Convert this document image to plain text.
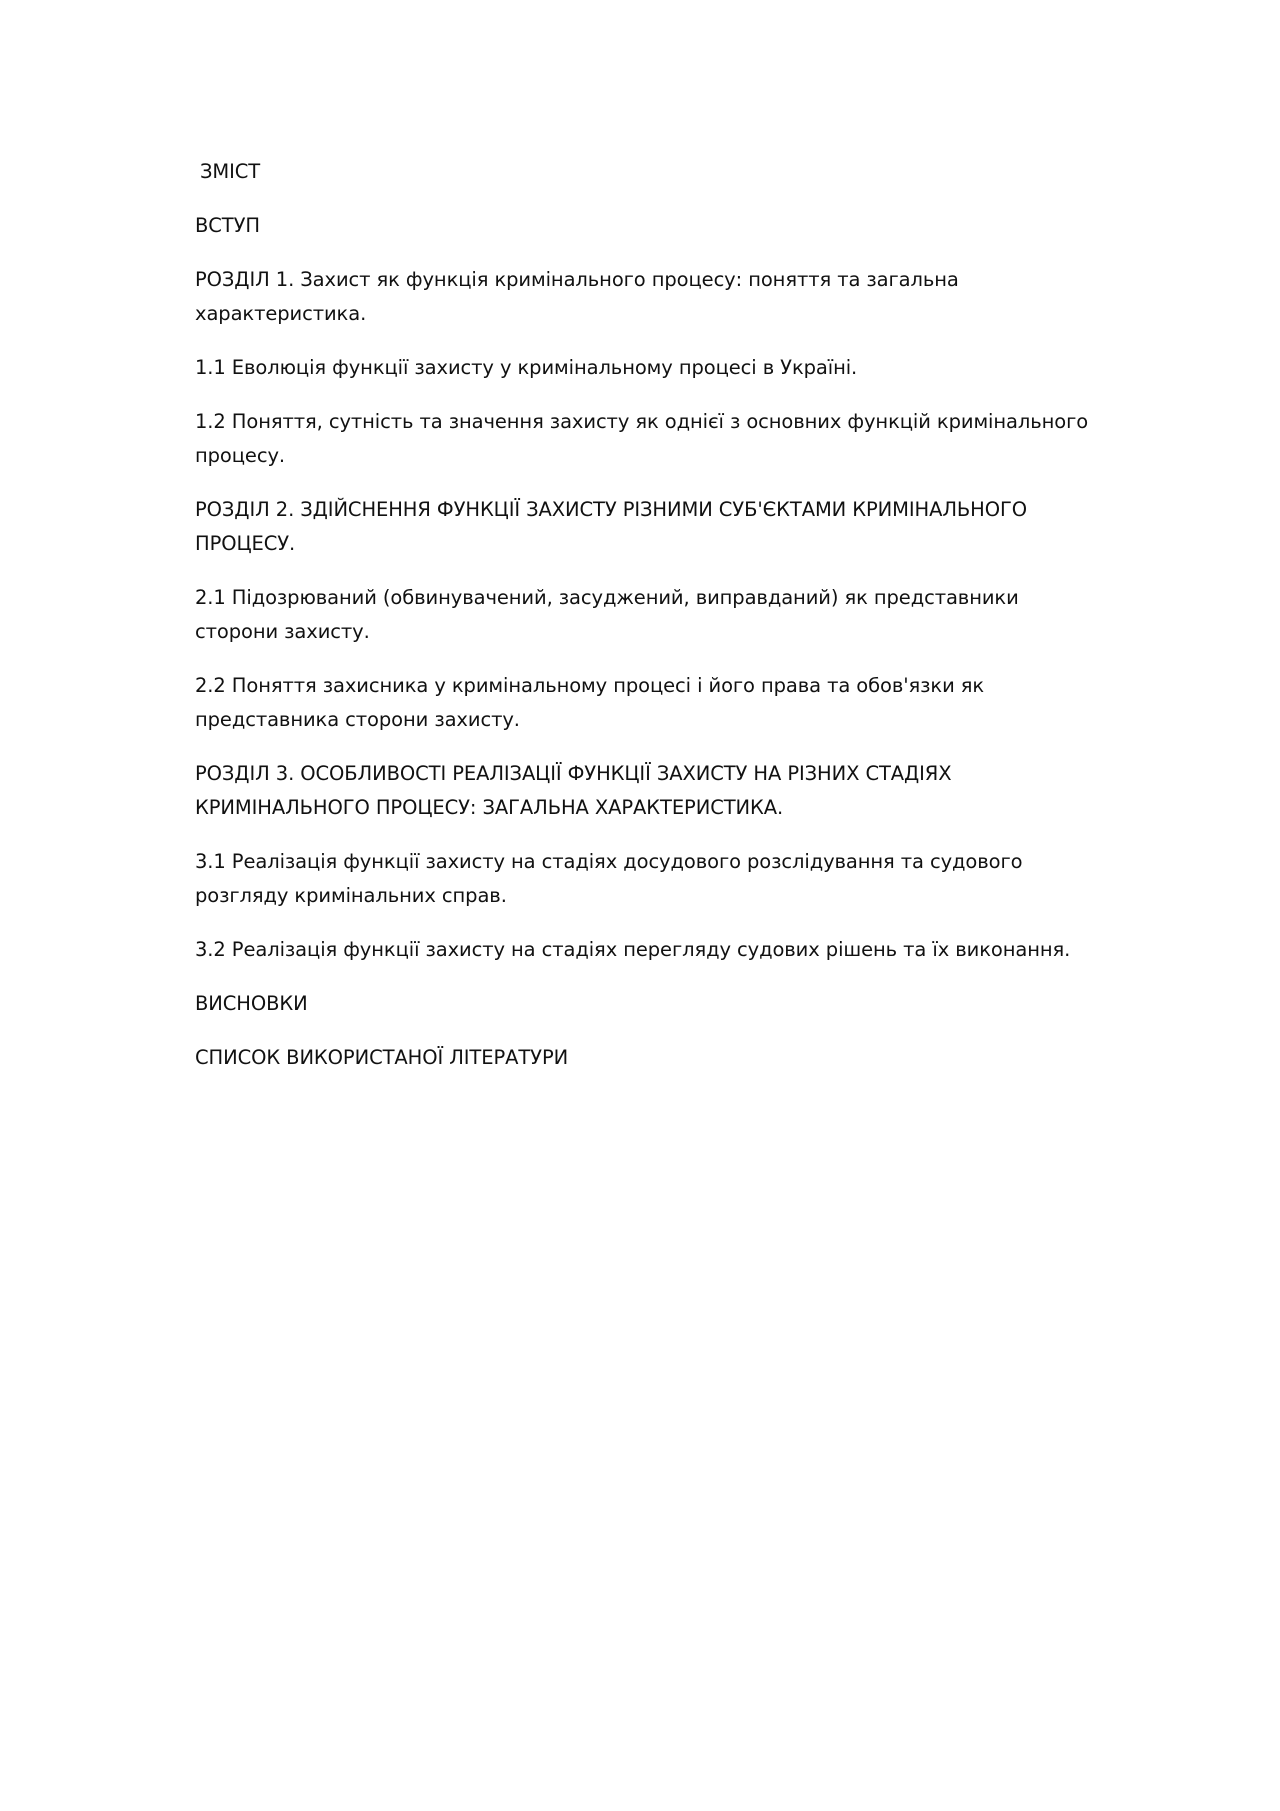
ЗМІСТ
ВСТУП
РОЗДІЛ 1. Захист як функція кримінального процесу: поняття та загальна характеристика.
1.1 Еволюція функції захисту у кримінальному процесі в Україні.
1.2 Поняття, сутність та значення захисту як однієї з основних функцій кримінального процесу.
РОЗДІЛ 2. ЗДІЙСНЕННЯ ФУНКЦІЇ ЗАХИСТУ РІЗНИМИ СУБ'ЄКТАМИ КРИМІНАЛЬНОГО ПРОЦЕСУ.
2.1 Підозрюваний (обвинувачений, засуджений, виправданий) як представники сторони захисту.
2.2 Поняття захисника у кримінальному процесі і його права та обов'язки як представника сторони захисту.
РОЗДІЛ 3. ОСОБЛИВОСТІ РЕАЛІЗАЦІЇ ФУНКЦІЇ ЗАХИСТУ НА РІЗНИХ СТАДІЯХ КРИМІНАЛЬНОГО ПРОЦЕСУ: ЗАГАЛЬНА ХАРАКТЕРИСТИКА.
3.1 Реалізація функції захисту на стадіях досудового розслідування та судового розгляду кримінальних справ.
3.2 Реалізація функції захисту на стадіях перегляду судових рішень та їх виконання.
ВИСНОВКИ
СПИСОК ВИКОРИСТАНОЇ ЛІТЕРАТУРИ
